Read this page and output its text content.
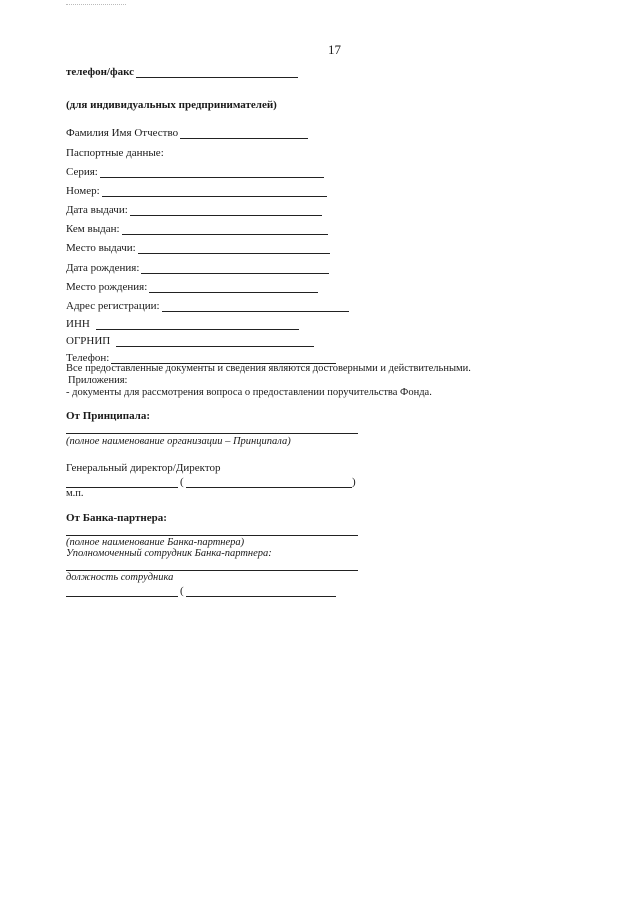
17
телефон/факс
(для индивидуальных предпринимателей)
Фамилия Имя Отчество
Паспортные данные:
Серия:
Номер:
Дата выдачи:
Кем выдан:
Место выдачи:
Дата рождения:
Место рождения:
Адрес регистрации:
ИНН
ОГРНИП
Телефон:
Все предоставленные документы и сведения являются достоверными и действительными.
Приложения:
- документы для рассмотрения вопроса о предоставлении поручительства Фонда.
От Принципала:
(полное наименование организации – Принципала)
Генеральный директор/Директор
(	)
м.п.
От Банка-партнера:
(полное наименование Банка-партнера)
Уполномоченный сотрудник Банка-партнера:
должность сотрудника
(
